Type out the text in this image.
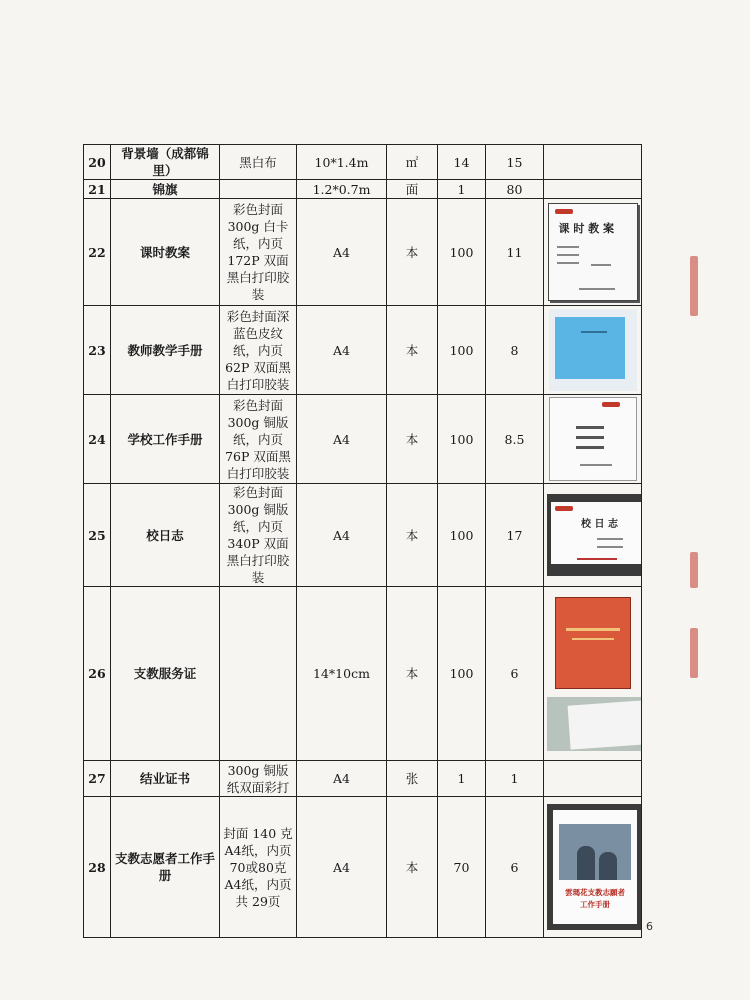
20	背景墙（成都锦里）	黑白布	10*1.4m	㎡	14	15	
21	锦旗		1.2*0.7m	面	1	80	
22	课时教案	彩色封面300g 白卡纸，内页 172P 双面黑白打印胶装	A4	本	100	11	课 时 教 案

23	教师教学手册	彩色封面深蓝色皮纹纸，内页 62P 双面黑白打印胶装	A4	本	100	8	

24	学校工作手册	彩色封面300g 铜版纸，内页 76P 双面黑白打印胶装	A4	本	100	8.5	

25	校日志	彩色封面300g 铜版纸，内页 340P 双面黑白打印胶装	A4	本	100	17	校 日 志

26	支教服务证		14*10cm	本	100	6	

27	结业证书	300g 铜版纸双面彩打	A4	张	1	1	
28	支教志愿者工作手册	封面 140 克A4纸，内页70或80克A4纸，内页共 29页	A4	本	70	6	雲瑪花支教志願者
工作手册
6
